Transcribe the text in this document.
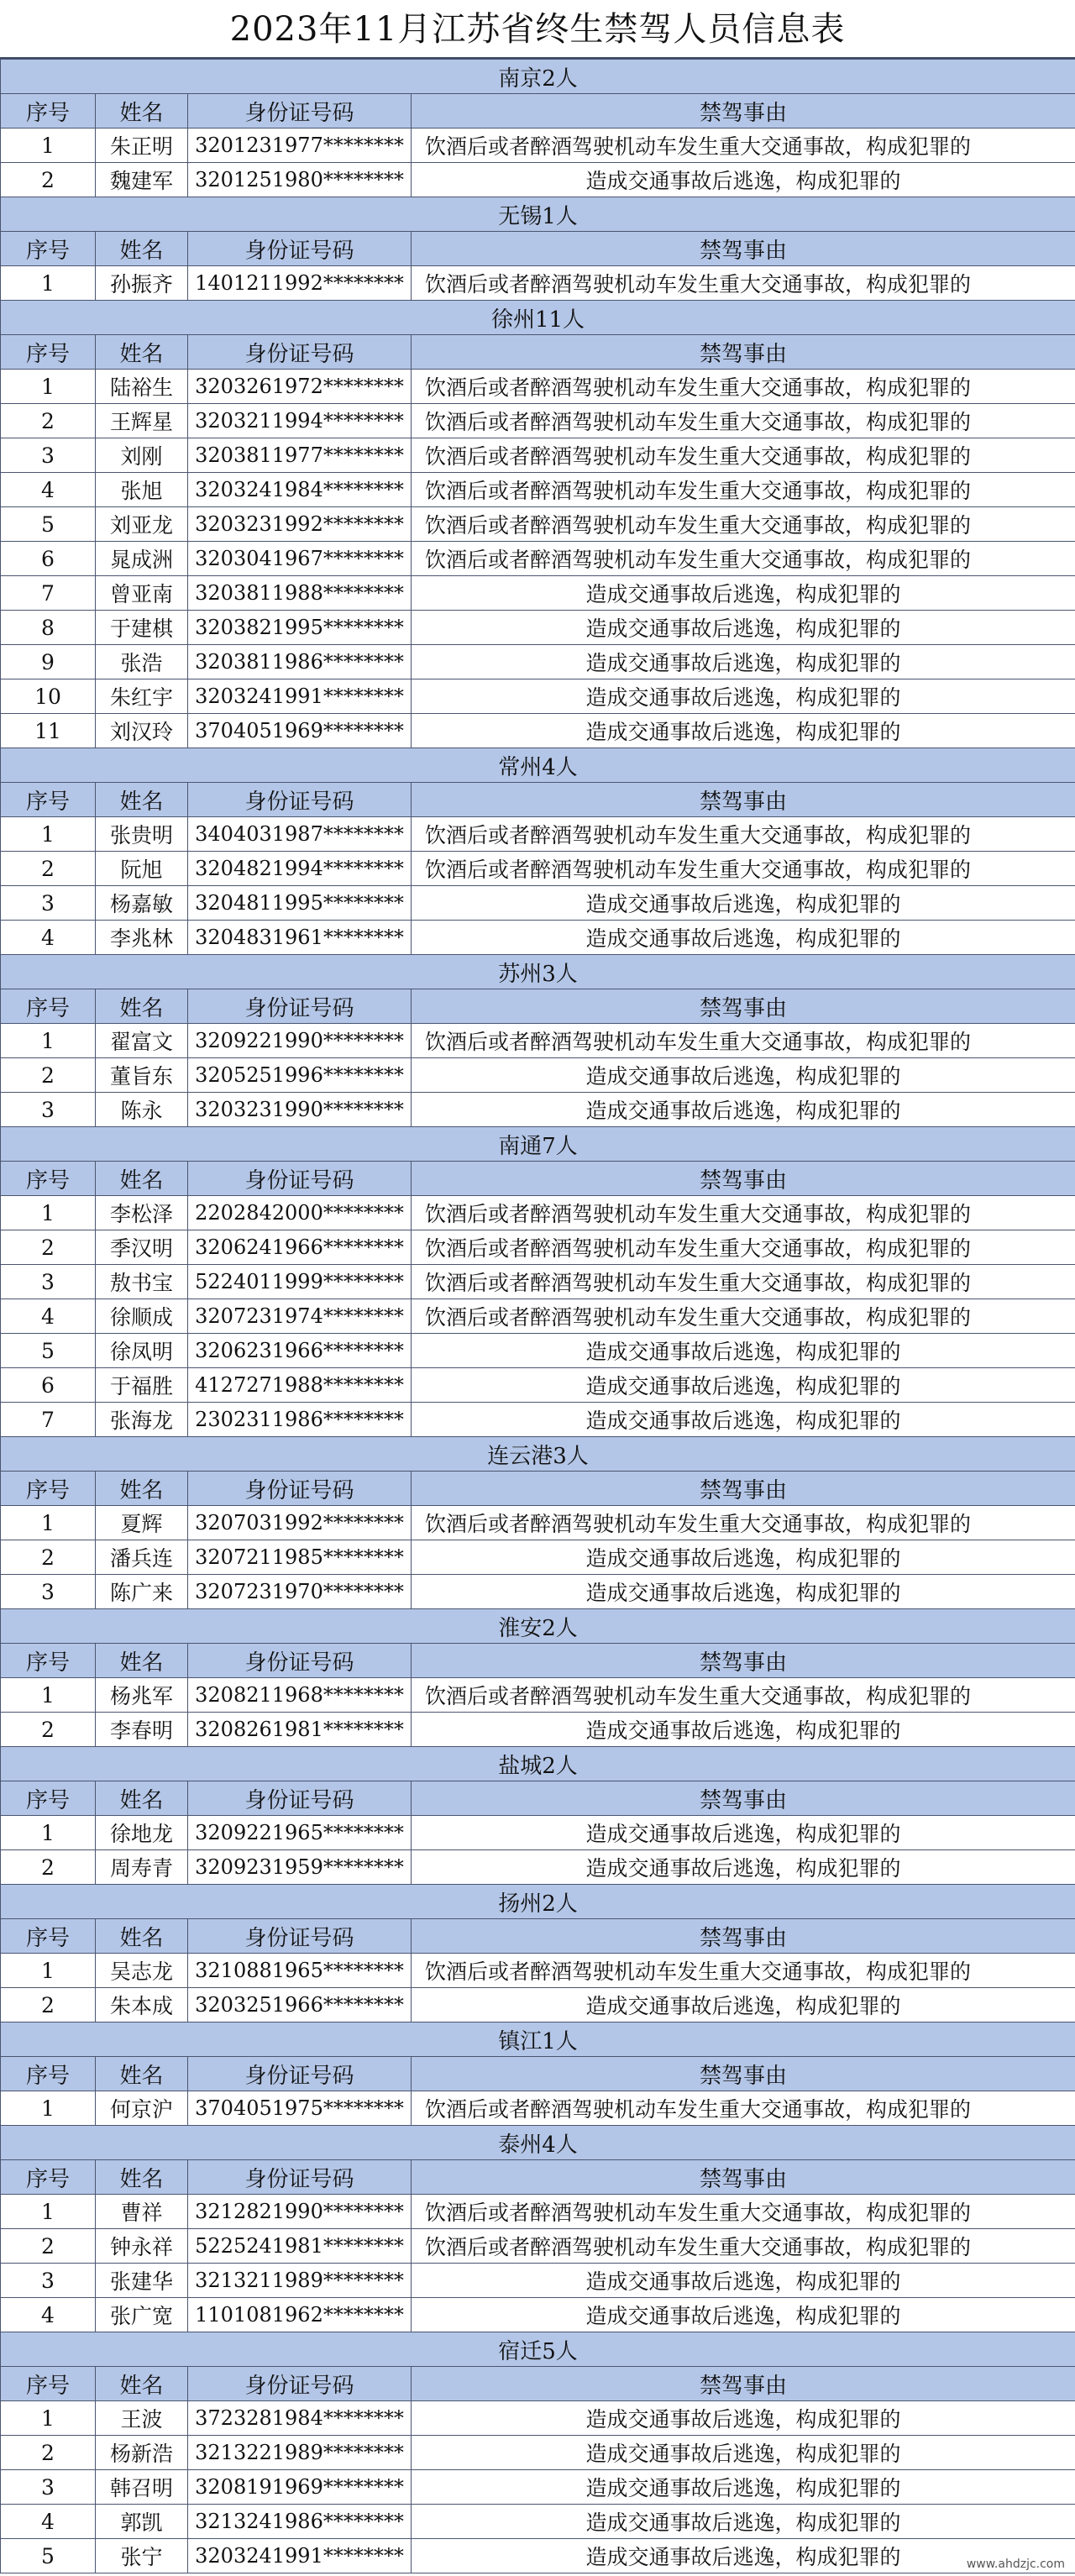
2023年11月江苏省终生禁驾人员信息表
南京2人			
序号	姓名	身份证号码	禁驾事由
1	朱正明	3201231977********	饮酒后或者醉酒驾驶机动车发生重大交通事故，构成犯罪的
2	魏建军	3201251980********	造成交通事故后逃逸，构成犯罪的
无锡1人			
序号	姓名	身份证号码	禁驾事由
1	孙振齐	1401211992********	饮酒后或者醉酒驾驶机动车发生重大交通事故，构成犯罪的
徐州11人			
序号	姓名	身份证号码	禁驾事由
1	陆裕生	3203261972********	饮酒后或者醉酒驾驶机动车发生重大交通事故，构成犯罪的
2	王辉星	3203211994********	饮酒后或者醉酒驾驶机动车发生重大交通事故，构成犯罪的
3	刘刚	3203811977********	饮酒后或者醉酒驾驶机动车发生重大交通事故，构成犯罪的
4	张旭	3203241984********	饮酒后或者醉酒驾驶机动车发生重大交通事故，构成犯罪的
5	刘亚龙	3203231992********	饮酒后或者醉酒驾驶机动车发生重大交通事故，构成犯罪的
6	晁成洲	3203041967********	饮酒后或者醉酒驾驶机动车发生重大交通事故，构成犯罪的
7	曾亚南	3203811988********	造成交通事故后逃逸，构成犯罪的
8	于建棋	3203821995********	造成交通事故后逃逸，构成犯罪的
9	张浩	3203811986********	造成交通事故后逃逸，构成犯罪的
10	朱红宇	3203241991********	造成交通事故后逃逸，构成犯罪的
11	刘汉玲	3704051969********	造成交通事故后逃逸，构成犯罪的
常州4人			
序号	姓名	身份证号码	禁驾事由
1	张贵明	3404031987********	饮酒后或者醉酒驾驶机动车发生重大交通事故，构成犯罪的
2	阮旭	3204821994********	饮酒后或者醉酒驾驶机动车发生重大交通事故，构成犯罪的
3	杨嘉敏	3204811995********	造成交通事故后逃逸，构成犯罪的
4	李兆林	3204831961********	造成交通事故后逃逸，构成犯罪的
苏州3人			
序号	姓名	身份证号码	禁驾事由
1	翟富文	3209221990********	饮酒后或者醉酒驾驶机动车发生重大交通事故，构成犯罪的
2	董旨东	3205251996********	造成交通事故后逃逸，构成犯罪的
3	陈永	3203231990********	造成交通事故后逃逸，构成犯罪的
南通7人			
序号	姓名	身份证号码	禁驾事由
1	李松泽	2202842000********	饮酒后或者醉酒驾驶机动车发生重大交通事故，构成犯罪的
2	季汉明	3206241966********	饮酒后或者醉酒驾驶机动车发生重大交通事故，构成犯罪的
3	敖书宝	5224011999********	饮酒后或者醉酒驾驶机动车发生重大交通事故，构成犯罪的
4	徐顺成	3207231974********	饮酒后或者醉酒驾驶机动车发生重大交通事故，构成犯罪的
5	徐凤明	3206231966********	造成交通事故后逃逸，构成犯罪的
6	于福胜	4127271988********	造成交通事故后逃逸，构成犯罪的
7	张海龙	2302311986********	造成交通事故后逃逸，构成犯罪的
连云港3人			
序号	姓名	身份证号码	禁驾事由
1	夏辉	3207031992********	饮酒后或者醉酒驾驶机动车发生重大交通事故，构成犯罪的
2	潘兵连	3207211985********	造成交通事故后逃逸，构成犯罪的
3	陈广来	3207231970********	造成交通事故后逃逸，构成犯罪的
淮安2人			
序号	姓名	身份证号码	禁驾事由
1	杨兆军	3208211968********	饮酒后或者醉酒驾驶机动车发生重大交通事故，构成犯罪的
2	李春明	3208261981********	造成交通事故后逃逸，构成犯罪的
盐城2人			
序号	姓名	身份证号码	禁驾事由
1	徐地龙	3209221965********	造成交通事故后逃逸，构成犯罪的
2	周寿青	3209231959********	造成交通事故后逃逸，构成犯罪的
扬州2人			
序号	姓名	身份证号码	禁驾事由
1	吴志龙	3210881965********	饮酒后或者醉酒驾驶机动车发生重大交通事故，构成犯罪的
2	朱本成	3203251966********	造成交通事故后逃逸，构成犯罪的
镇江1人			
序号	姓名	身份证号码	禁驾事由
1	何京沪	3704051975********	饮酒后或者醉酒驾驶机动车发生重大交通事故，构成犯罪的
泰州4人			
序号	姓名	身份证号码	禁驾事由
1	曹祥	3212821990********	饮酒后或者醉酒驾驶机动车发生重大交通事故，构成犯罪的
2	钟永祥	5225241981********	饮酒后或者醉酒驾驶机动车发生重大交通事故，构成犯罪的
3	张建华	3213211989********	造成交通事故后逃逸，构成犯罪的
4	张广宽	1101081962********	造成交通事故后逃逸，构成犯罪的
宿迁5人			
序号	姓名	身份证号码	禁驾事由
1	王波	3723281984********	造成交通事故后逃逸，构成犯罪的
2	杨新浩	3213221989********	造成交通事故后逃逸，构成犯罪的
3	韩召明	3208191969********	造成交通事故后逃逸，构成犯罪的
4	郭凯	3213241986********	造成交通事故后逃逸，构成犯罪的
5	张宁	3203241991********	造成交通事故后逃逸，构成犯罪的	www.ahdzjc.com
